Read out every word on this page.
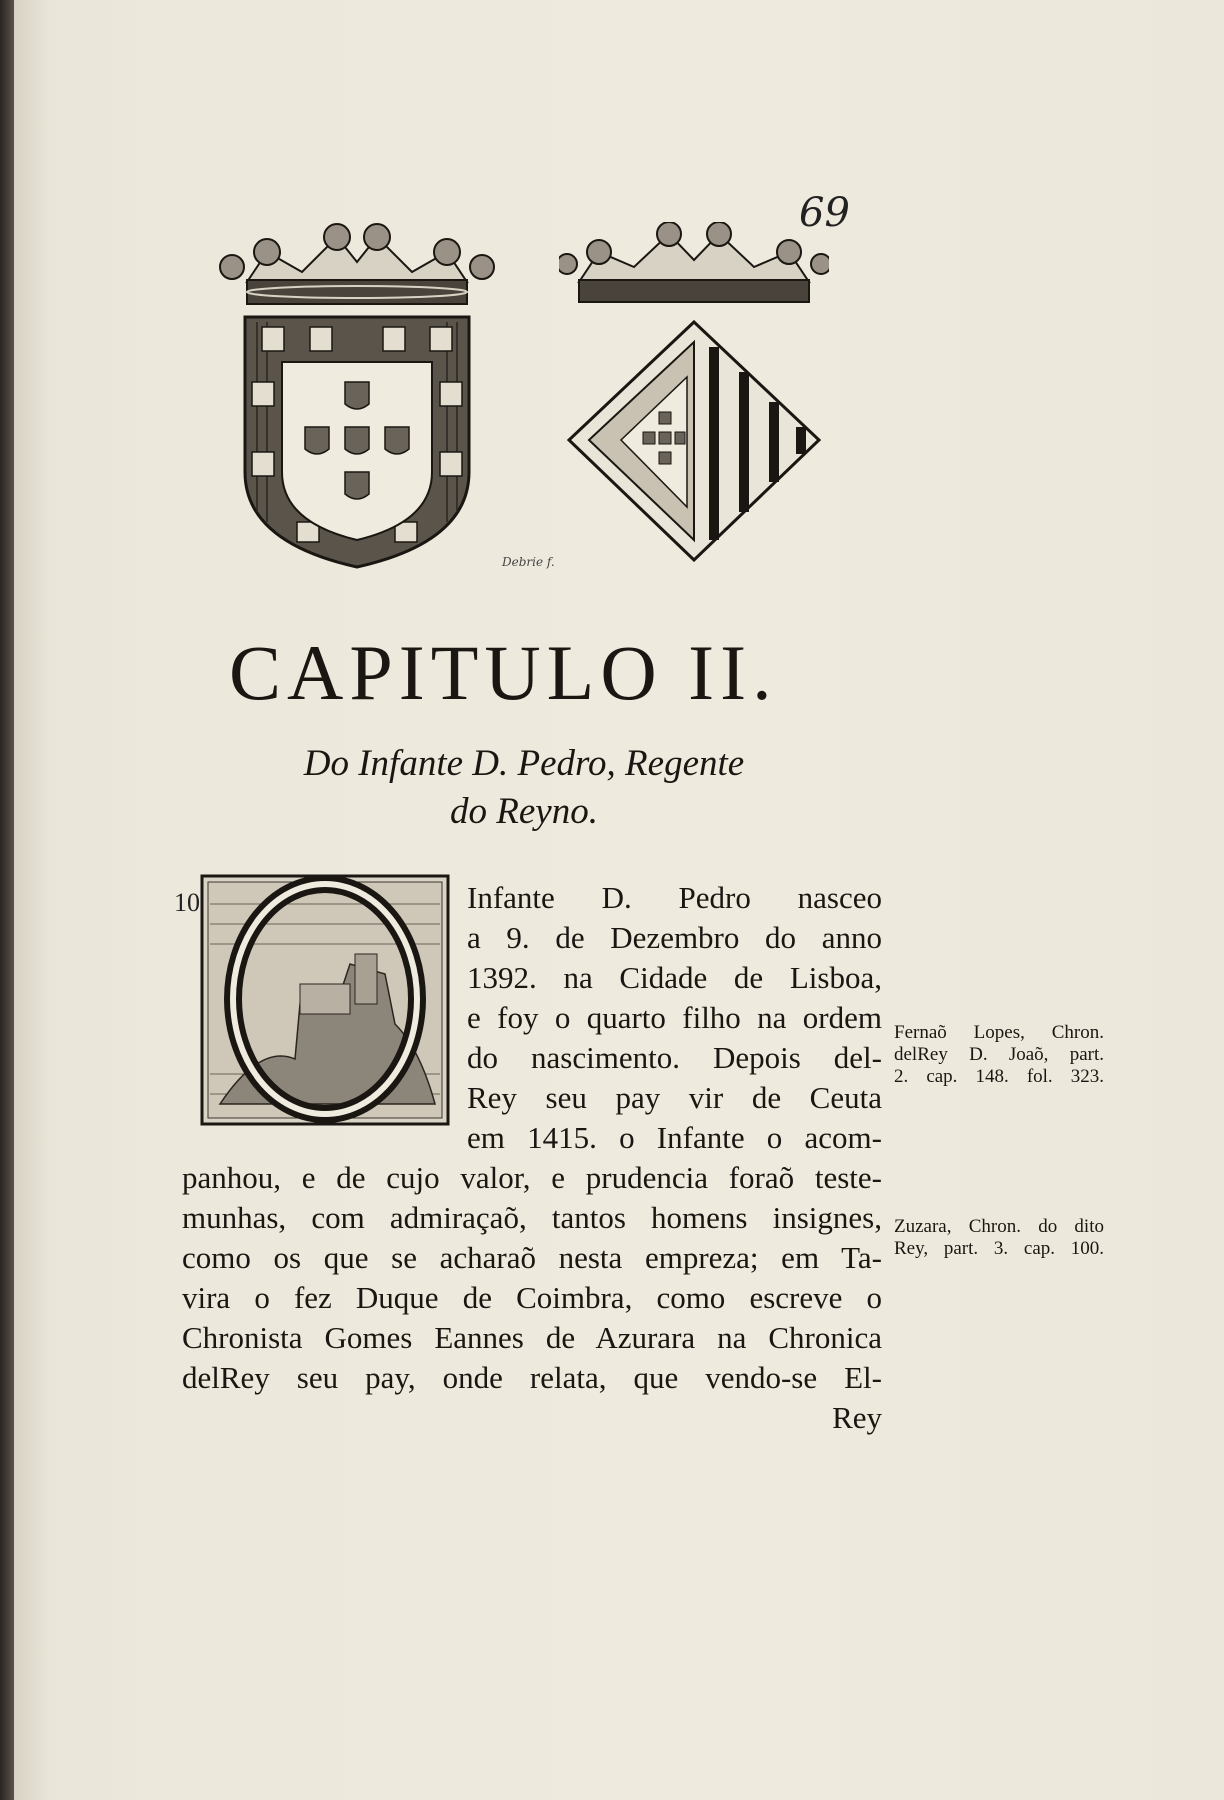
69
Debrie f.
CAPITULO II.
Do Infante D. Pedro, Regente
do Reyno.
10
O
Infante D. Pedro nasceo
a 9. de Dezembro do anno
1392. na Cidade de Lisboa,
e foy o quarto filho na ordem
do nascimento. Depois del-
Rey seu pay vir de Ceuta
em 1415. o Infante o acom-
panhou, e de cujo valor, e prudencia foraõ teste-
munhas, com admiraçaõ, tantos homens insignes,
como os que se acharaõ nesta empreza; em Ta-
vira o fez Duque de Coimbra, como escreve o
Chronista Gomes Eannes de Azurara na Chronica
delRey seu pay, onde relata, que vendo-se El-
Rey
Fernaõ Lopes, Chron.
delRey D. Joaõ, part.
2. cap. 148. fol. 323.
Zuzara, Chron. do dito
Rey, part. 3. cap. 100.
